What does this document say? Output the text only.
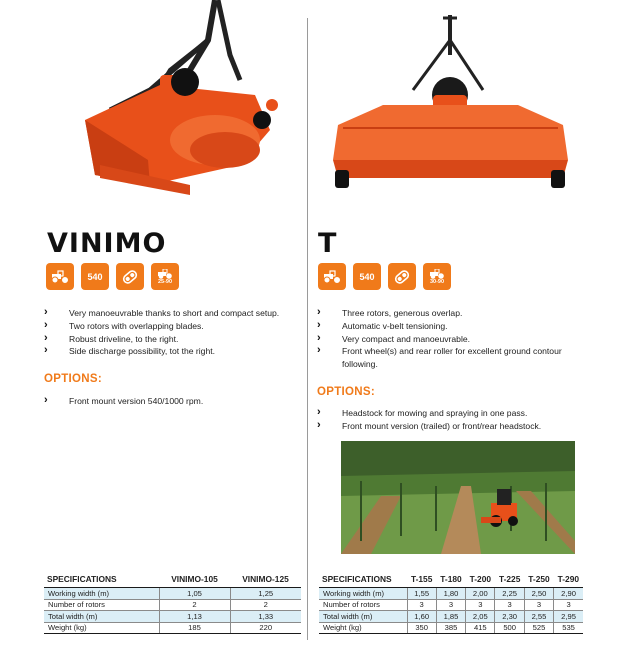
VINIMO
540	25-90
› Very manoeuvrable thanks to short and compact setup.
› Two rotors with overlapping blades.
› Robust driveline, to the right.
› Side discharge possibility, tot the right.
OPTIONS:
› Front mount version 540/1000 rpm.
SPECIFICATIONS	VINIMO-105	VINIMO-125
Working width (m)	1,05	1,25
Number of rotors	2	2
Total width (m)	1,13	1,33
Weight (kg)	185	220
T
540	30-90
› Three rotors, generous overlap.
› Automatic v-belt tensioning.
› Very compact and manoeuvrable.
› Front wheel(s) and rear roller for excellent ground contour following.
OPTIONS:
› Headstock for mowing and spraying in one pass.
› Front mount version (trailed) or front/rear headstock.
SPECIFICATIONS	T-155	T-180	T-200	T-225	T-250	T-290
Working width (m)	1,55	1,80	2,00	2,25	2,50	2,90
Number of rotors	3	3	3	3	3	3
Total width (m)	1,60	1,85	2,05	2,30	2,55	2,95
Weight (kg)	350	385	415	500	525	535
